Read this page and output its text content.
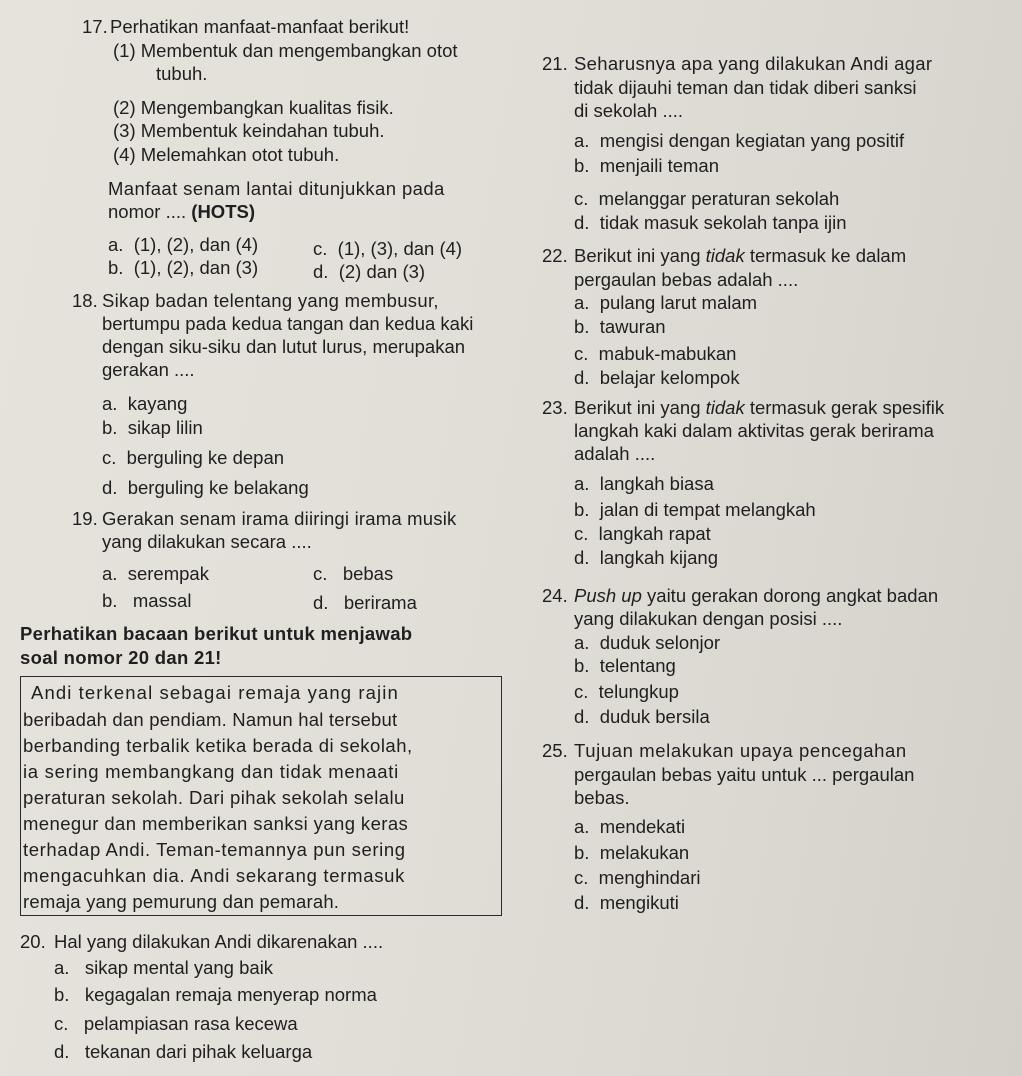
17. Perhatikan manfaat-manfaat berikut!
(1) Membentuk dan mengembangkan otot
tubuh.
(2) Mengembangkan kualitas fisik.
(3) Membentuk keindahan tubuh.
(4) Melemahkan otot tubuh.
Manfaat senam lantai ditunjukkan pada
nomor .... (HOTS)
a. (1), (2), dan (4)	c. (1), (3), dan (4)
b. (1), (2), dan (3)	d. (2) dan (3)
18. Sikap badan telentang yang membusur,
bertumpu pada kedua tangan dan kedua kaki
dengan siku-siku dan lutut lurus, merupakan
gerakan ....
a. kayang
b. sikap lilin
c. berguling ke depan
d. berguling ke belakang
19. Gerakan senam irama diiringi irama musik
yang dilakukan secara ....
a. serempak	c. bebas
b. massal	d. berirama
Perhatikan bacaan berikut untuk menjawab
soal nomor 20 dan 21!
Andi terkenal sebagai remaja yang rajin
beribadah dan pendiam. Namun hal tersebut
berbanding terbalik ketika berada di sekolah,
ia sering membangkang dan tidak menaati
peraturan sekolah. Dari pihak sekolah selalu
menegur dan memberikan sanksi yang keras
terhadap Andi. Teman-temannya pun sering
mengacuhkan dia. Andi sekarang termasuk
remaja yang pemurung dan pemarah.
20. Hal yang dilakukan Andi dikarenakan ....
a. sikap mental yang baik
b. kegagalan remaja menyerap norma
c. pelampiasan rasa kecewa
d. tekanan dari pihak keluarga
21. Seharusnya apa yang dilakukan Andi agar
tidak dijauhi teman dan tidak diberi sanksi
di sekolah ....
a. mengisi dengan kegiatan yang positif
b. menjaili teman
c. melanggar peraturan sekolah
d. tidak masuk sekolah tanpa ijin
22. Berikut ini yang tidak termasuk ke dalam
pergaulan bebas adalah ....
a. pulang larut malam
b. tawuran
c. mabuk-mabukan
d. belajar kelompok
23. Berikut ini yang tidak termasuk gerak spesifik
langkah kaki dalam aktivitas gerak berirama
adalah ....
a. langkah biasa
b. jalan di tempat melangkah
c. langkah rapat
d. langkah kijang
24. Push up yaitu gerakan dorong angkat badan
yang dilakukan dengan posisi ....
a. duduk selonjor
b. telentang
c. telungkup
d. duduk bersila
25. Tujuan melakukan upaya pencegahan
pergaulan bebas yaitu untuk ... pergaulan
bebas.
a. mendekati
b. melakukan
c. menghindari
d. mengikuti
